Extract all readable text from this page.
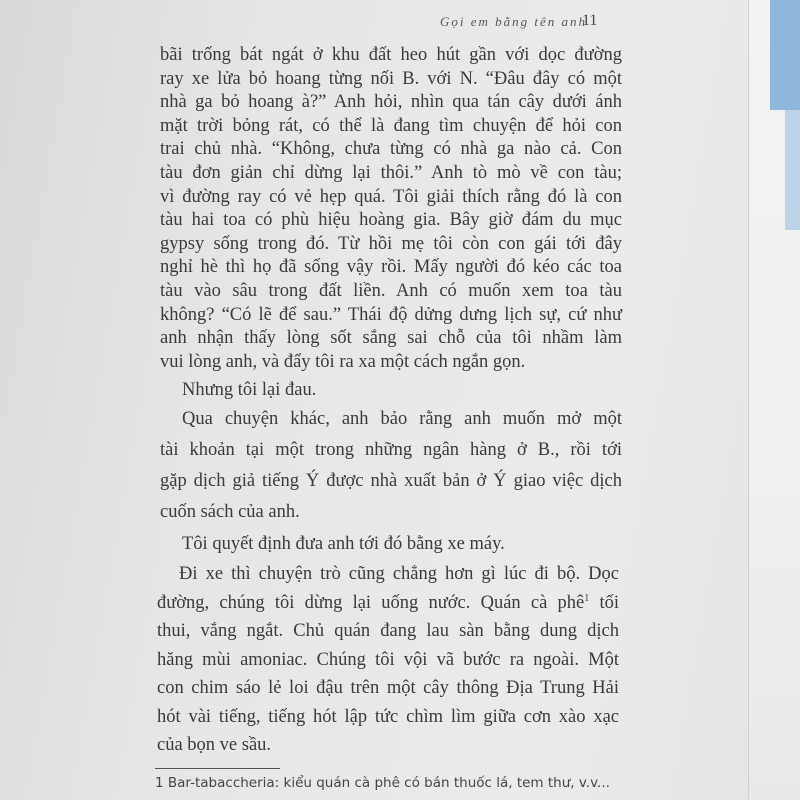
Gọi em bằng tên anh
11
bãi trống bát ngát ở khu đất heo hút gần với dọc đường
ray xe lửa bỏ hoang từng nối B. với N. “Đâu đây có một
nhà ga bỏ hoang à?” Anh hỏi, nhìn qua tán cây dưới ánh
mặt trời bỏng rát, có thể là đang tìm chuyện để hỏi con
trai chủ nhà. “Không, chưa từng có nhà ga nào cả. Con
tàu đơn giản chỉ dừng lại thôi.” Anh tò mò về con tàu;
vì đường ray có vẻ hẹp quá. Tôi giải thích rằng đó là con
tàu hai toa có phù hiệu hoàng gia. Bây giờ đám du mục
gypsy sống trong đó. Từ hồi mẹ tôi còn con gái tới đây
nghỉ hè thì họ đã sống vậy rồi. Mấy người đó kéo các toa
tàu vào sâu trong đất liền. Anh có muốn xem toa tàu
không? “Có lẽ để sau.” Thái độ dửng dưng lịch sự, cứ như
anh nhận thấy lòng sốt sắng sai chỗ của tôi nhầm làm
vui lòng anh, và đẩy tôi ra xa một cách ngắn gọn.
Nhưng tôi lại đau.
Qua chuyện khác, anh bảo rằng anh muốn mở một
tài khoản tại một trong những ngân hàng ở B., rồi tới
gặp dịch giả tiếng Ý được nhà xuất bản ở Ý giao việc dịch
cuốn sách của anh.
Tôi quyết định đưa anh tới đó bằng xe máy.
Đi xe thì chuyện trò cũng chẳng hơn gì lúc đi bộ. Dọc
đường, chúng tôi dừng lại uống nước. Quán cà phê$^1$ tối
thui, vắng ngắt. Chủ quán đang lau sàn bằng dung dịch
hăng mùi amoniac. Chúng tôi vội vã bước ra ngoài. Một
con chim sáo lẻ loi đậu trên một cây thông Địa Trung Hải
hót vài tiếng, tiếng hót lập tức chìm lìm giữa cơn xào xạc
của bọn ve sầu.
1 Bar-tabaccheria: kiểu quán cà phê có bán thuốc lá, tem thư, v.v...
